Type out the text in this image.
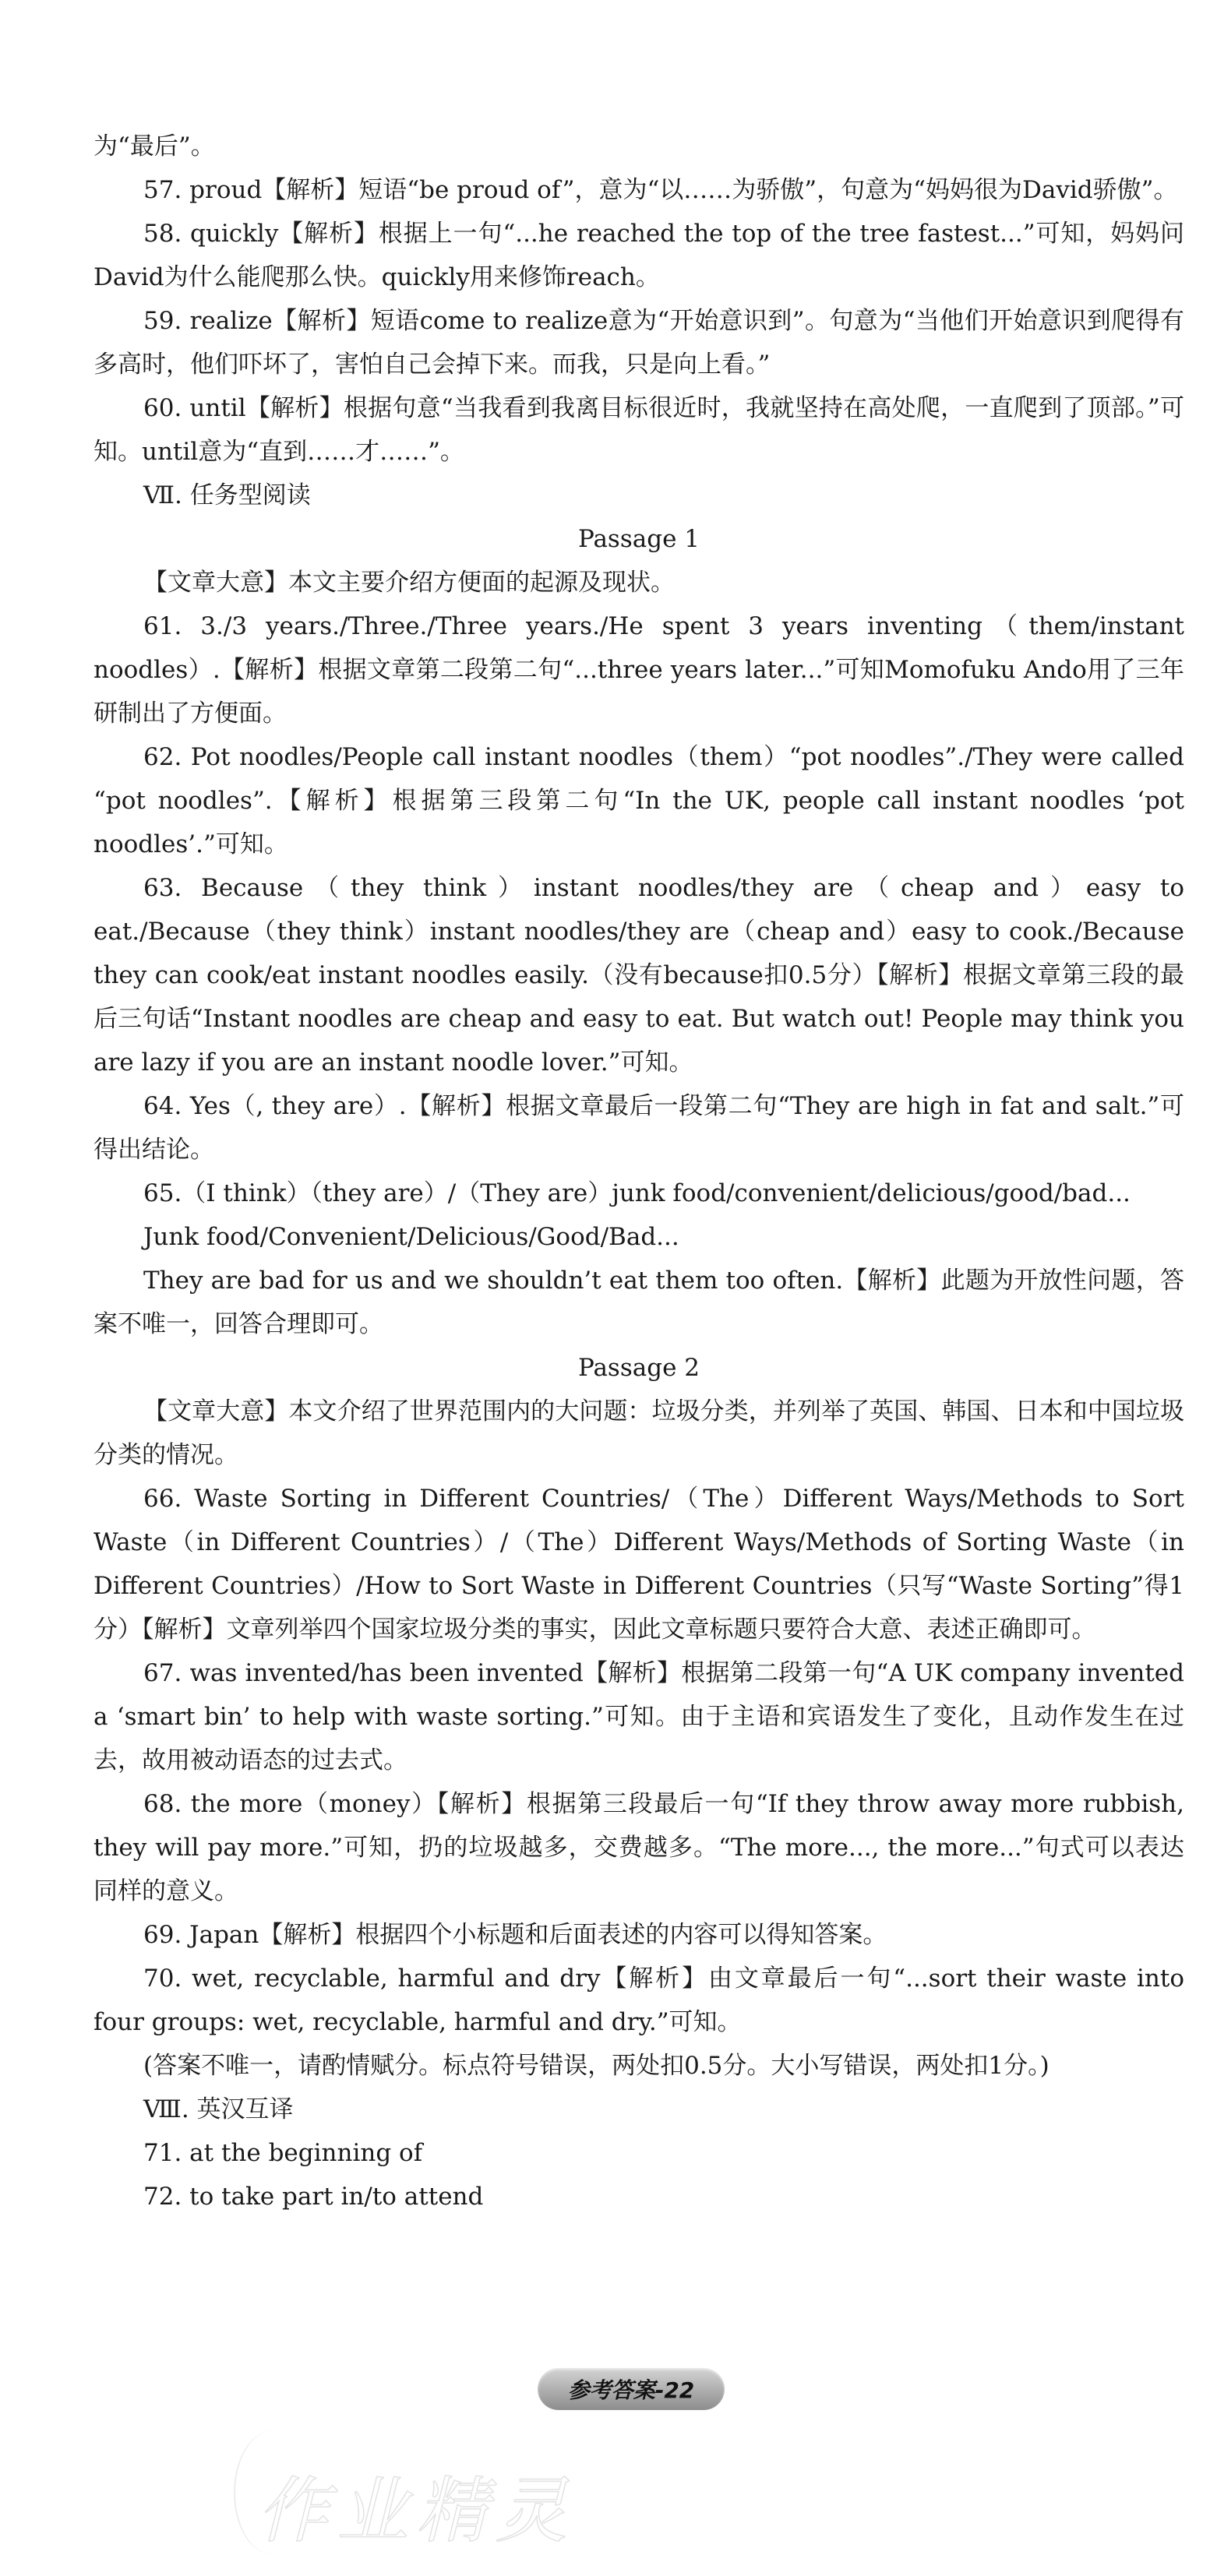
为“最后”。

57. proud【解析】短语“be proud of”，意为“以……为骄傲”，句意为“妈妈很为David骄傲”。

58. quickly【解析】根据上一句“...he reached the top of the tree fastest...”可知，妈妈问David为什么能爬那么快。quickly用来修饰reach。

59. realize【解析】短语come to realize意为“开始意识到”。句意为“当他们开始意识到爬得有多高时，他们吓坏了，害怕自己会掉下来。而我，只是向上看。”

60. until【解析】根据句意“当我看到我离目标很近时，我就坚持在高处爬，一直爬到了顶部。”可知。until意为“直到……才……”。

Ⅶ. 任务型阅读

Passage 1

【文章大意】本文主要介绍方便面的起源及现状。

61. 3./3 years./Three./Three years./He spent 3 years inventing（them/instant noodles）.【解析】根据文章第二段第二句“...three years later...”可知Momofuku Ando用了三年研制出了方便面。

62. Pot noodles/People call instant noodles（them）“pot noodles”./They were called “pot noodles”.【解析】根据第三段第二句“In the UK, people call instant noodles ‘pot noodles’.”可知。

63. Because（they think）instant noodles/they are（cheap and）easy to eat./Because（they think）instant noodles/they are（cheap and）easy to cook./Because they can cook/eat instant noodles easily.（没有because扣0.5分）【解析】根据文章第三段的最后三句话“Instant noodles are cheap and easy to eat. But watch out! People may think you are lazy if you are an instant noodle lover.”可知。

64. Yes（, they are）.【解析】根据文章最后一段第二句“They are high in fat and salt.”可得出结论。

65.（I think）（they are）/（They are）junk food/convenient/delicious/good/bad...

Junk food/Convenient/Delicious/Good/Bad...

They are bad for us and we shouldn’t eat them too often.【解析】此题为开放性问题，答案不唯一，回答合理即可。

Passage 2

【文章大意】本文介绍了世界范围内的大问题：垃圾分类，并列举了英国、韩国、日本和中国垃圾分类的情况。

66. Waste Sorting in Different Countries/（The）Different Ways/Methods to Sort Waste（in Different Countries）/（The）Different Ways/Methods of Sorting Waste（in Different Countries）/How to Sort Waste in Different Countries（只写“Waste Sorting”得1分）【解析】文章列举四个国家垃圾分类的事实，因此文章标题只要符合大意、表述正确即可。

67. was invented/has been invented【解析】根据第二段第一句“A UK company invented a ‘smart bin’ to help with waste sorting.”可知。由于主语和宾语发生了变化，且动作发生在过去，故用被动语态的过去式。

68. the more（money）【解析】根据第三段最后一句“If they throw away more rubbish, they will pay more.”可知，扔的垃圾越多，交费越多。“The more..., the more...”句式可以表达同样的意义。

69. Japan【解析】根据四个小标题和后面表述的内容可以得知答案。

70. wet, recyclable, harmful and dry【解析】由文章最后一句“...sort their waste into four groups: wet, recyclable, harmful and dry.”可知。

(答案不唯一，请酌情赋分。标点符号错误，两处扣0.5分。大小写错误，两处扣1分。)

Ⅷ. 英汉互译

71. at the beginning of

72. to take part in/to attend

参考答案-22
作业精灵
